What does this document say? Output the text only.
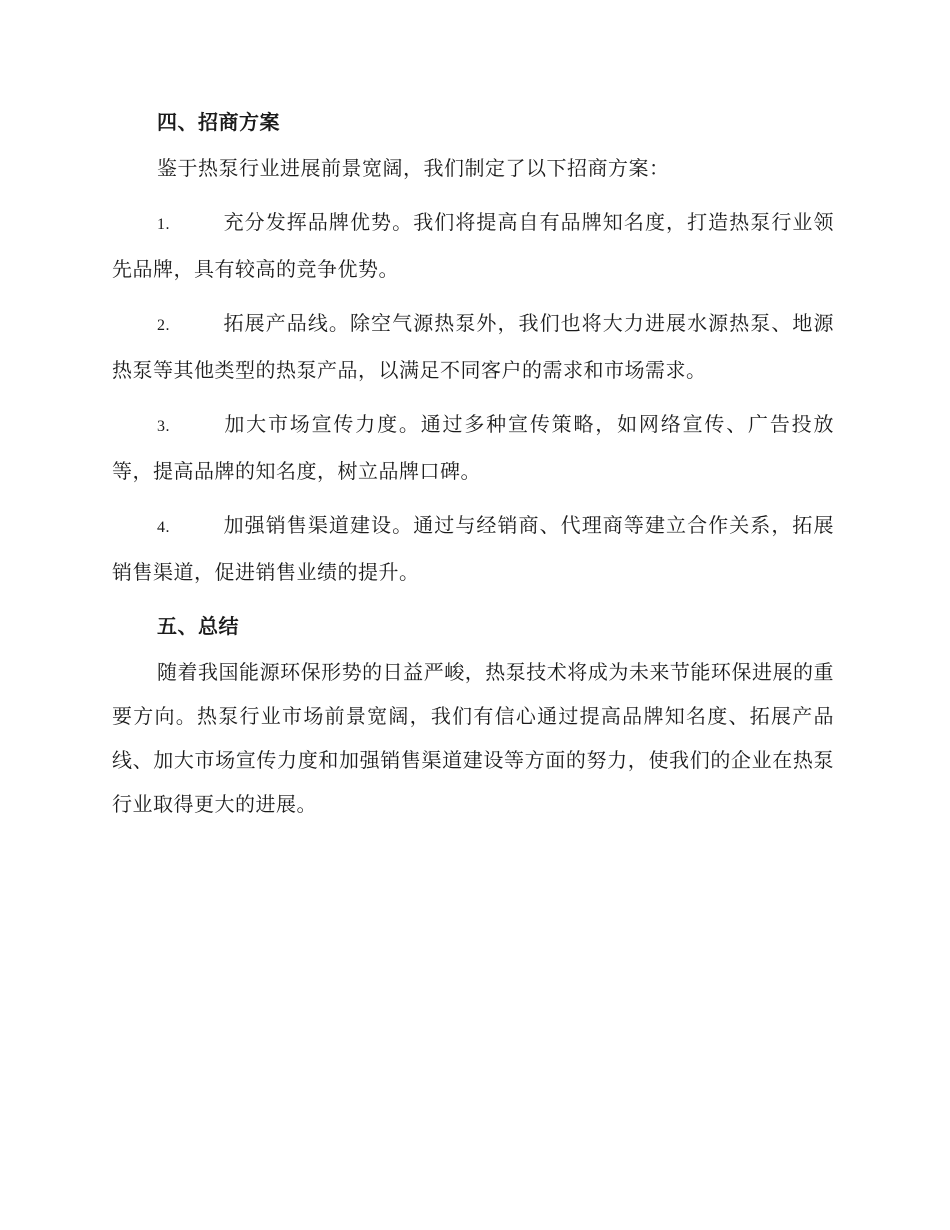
四、招商方案

鉴于热泵行业进展前景宽阔，我们制定了以下招商方案：

1.	充分发挥品牌优势。我们将提高自有品牌知名度，打造热泵行业领先品牌，具有较高的竞争优势。

2.	拓展产品线。除空气源热泵外，我们也将大力进展水源热泵、地源热泵等其他类型的热泵产品，以满足不同客户的需求和市场需求。

3.	加大市场宣传力度。通过多种宣传策略，如网络宣传、广告投放等，提高品牌的知名度，树立品牌口碑。

4.	加强销售渠道建设。通过与经销商、代理商等建立合作关系，拓展销售渠道，促进销售业绩的提升。

五、总结

随着我国能源环保形势的日益严峻，热泵技术将成为未来节能环保进展的重要方向。热泵行业市场前景宽阔，我们有信心通过提高品牌知名度、拓展产品线、加大市场宣传力度和加强销售渠道建设等方面的努力，使我们的企业在热泵行业取得更大的进展。
